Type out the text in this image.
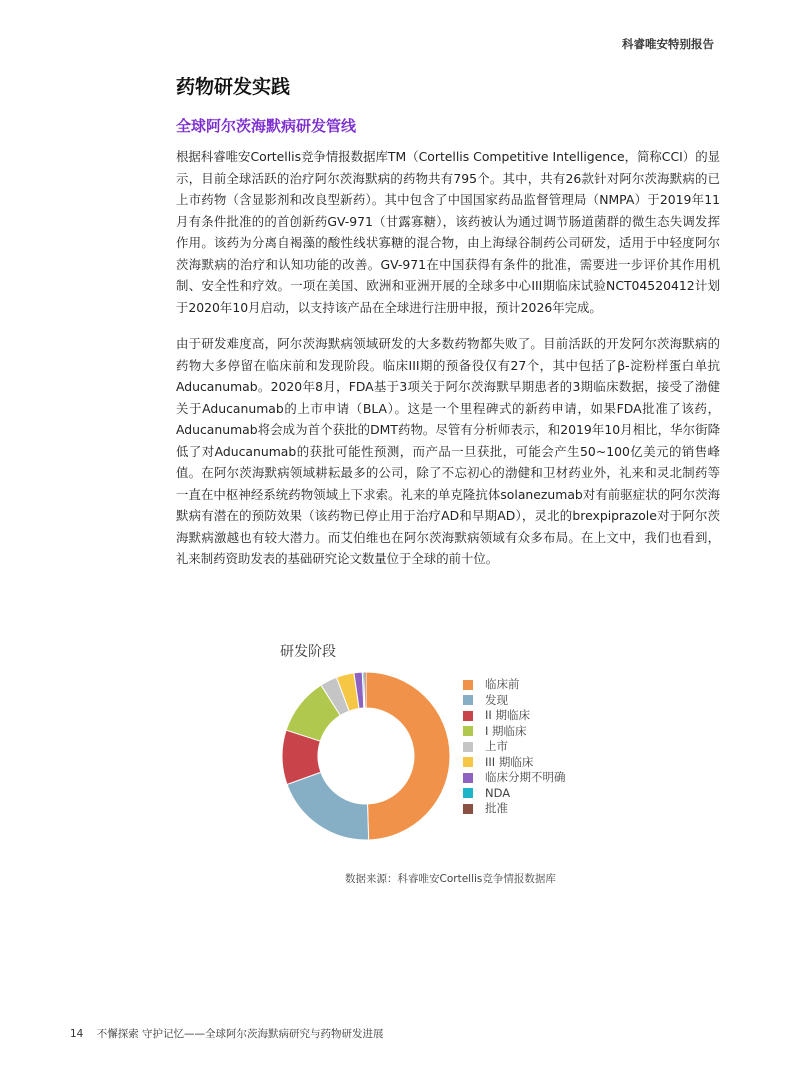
科睿唯安特别报告
药物研发实践
全球阿尔茨海默病研发管线

根据科睿唯安Cortellis竞争情报数据库TM（Cortellis Competitive Intelligence，简称CCI）的显示，目前全球活跃的治疗阿尔茨海默病的药物共有795个。其中，共有26款针对阿尔茨海默病的已上市药物（含显影剂和改良型新药）。其中包含了中国国家药品监督管理局（NMPA）于2019年11月有条件批准的的首创新药GV-971（甘露寡糖），该药被认为通过调节肠道菌群的微生态失调发挥作用。该药为分离自褐藻的酸性线状寡糖的混合物，由上海绿谷制药公司研发，适用于中轻度阿尔茨海默病的治疗和认知功能的改善。GV-971在中国获得有条件的批准，需要进一步评价其作用机制、安全性和疗效。一项在美国、欧洲和亚洲开展的全球多中心III期临床试验NCT04520412计划于2020年10月启动，以支持该产品在全球进行注册申报，预计2026年完成。

由于研发难度高，阿尔茨海默病领域研发的大多数药物都失败了。目前活跃的开发阿尔茨海默病的药物大多停留在临床前和发现阶段。临床III期的预备役仅有27个，其中包括了β-淀粉样蛋白单抗Aducanumab。2020年8月，FDA基于3项关于阿尔茨海默早期患者的3期临床数据，接受了渤健关于Aducanumab的上市申请（BLA）。这是一个里程碑式的新药申请，如果FDA批准了该药，Aducanumab将会成为首个获批的DMT药物。尽管有分析师表示，和2019年10月相比，华尔街降低了对Aducanumab的获批可能性预测，而产品一旦获批，可能会产生50~100亿美元的销售峰值。在阿尔茨海默病领域耕耘最多的公司，除了不忘初心的渤健和卫材药业外，礼来和灵北制药等一直在中枢神经系统药物领域上下求索。礼来的单克隆抗体solanezumab对有前驱症状的阿尔茨海默病有潜在的预防效果（该药物已停止用于治疗AD和早期AD），灵北的brexpiprazole对于阿尔茨海默病激越也有较大潜力。而艾伯维也在阿尔茨海默病领域有众多布局。在上文中，我们也看到，礼来制药资助发表的基础研究论文数量位于全球的前十位。

研发阶段
临床前
发现
II 期临床
I 期临床
上市
III 期临床
临床分期不明确
NDA
批准
数据来源：科睿唯安Cortellis竞争情报数据库
14 不懈探索 守护记忆——全球阿尔茨海默病研究与药物研发进展
